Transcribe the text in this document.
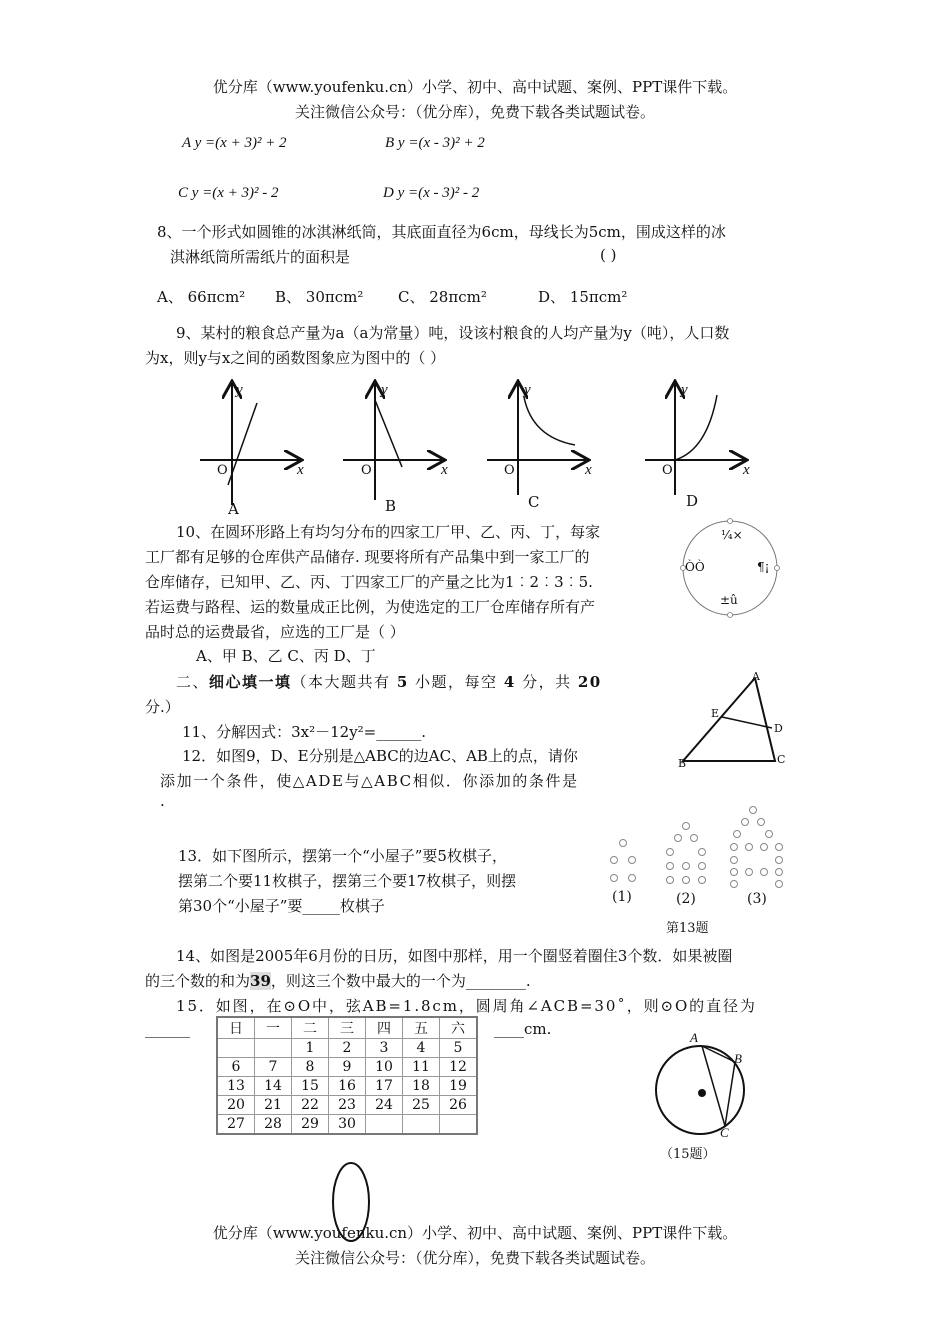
优分库（www.youfenku.cn）小学、初中、高中试题、案例、PPT课件下载。
关注微信公众号：（优分库），免费下载各类试题试卷。
A y =(x + 3)² + 2	B y =(x - 3)² + 2
C y =(x + 3)² - 2	D y =(x - 3)² - 2
8、一个形式如圆锥的冰淇淋纸筒，其底面直径为6cm，母线长为5cm，围成这样的冰
淇淋纸筒所需纸片的面积是	( )
A、 66πcm² B、 30πcm² C、 28πcm²	D、 15πcm²
9、某村的粮食总产量为a（a为常量）吨，设该村粮食的人均产量为y（吨），人口数
为x，则y与x之间的函数图象应为图中的（ ）
y
x
O
A
y
x
O
B
y
x
O
C
y
x
O
D
10、在圆环形路上有均匀分布的四家工厂甲、乙、丙、丁，每家
工厂都有足够的仓库供产品储存. 现要将所有产品集中到一家工厂的
仓库储存，已知甲、乙、丙、丁四家工厂的产量之比为1︰2︰3︰5.
若运费与路程、运的数量成正比例，为使选定的工厂仓库储存所有产
品时总的运费最省，应选的工厂是（ ）
A、甲 B、乙 C、丙 D、丁
¼×
ÒÒ	¶¡
±û
二、细心填一填（本大题共有 5 小题，每空 4 分，共 20
分.）
11、分解因式：3x²－12y²=______.
12．如图9，D、E分别是△ABC的边AC、AB上的点，请你
添加一个条件，使△ADE与△ABC相似．你添加的条件是
.
A
E
D
B	C
13．如下图所示，摆第一个“小屋子”要5枚棋子，
摆第二个要11枚棋子，摆第三个要17枚棋子，则摆
第30个“小屋子”要_____枚棋子	(1)	(2)	(3)
第13题
14、如图是2005年6月份的日历，如图中那样，用一个圈竖着圈住3个数．如果被圈
的三个数的和为39，则这三个数中最大的一个为________.
15．如图，在⊙O中，弦AB=1.8cm，圆周角∠ACB=30˚，则⊙O的直径为
______	____cm.
日	一	二	三	四	五	六
		1	2	3	4	5
6	7	8	9	10	11	12
13	14	15	16	17	18	19
20	21	22	23	24	25	26
27	28	29	30			
A
B
C
（15题）
优分库（www.youfenku.cn）小学、初中、高中试题、案例、PPT课件下载。
关注微信公众号：（优分库），免费下载各类试题试卷。
